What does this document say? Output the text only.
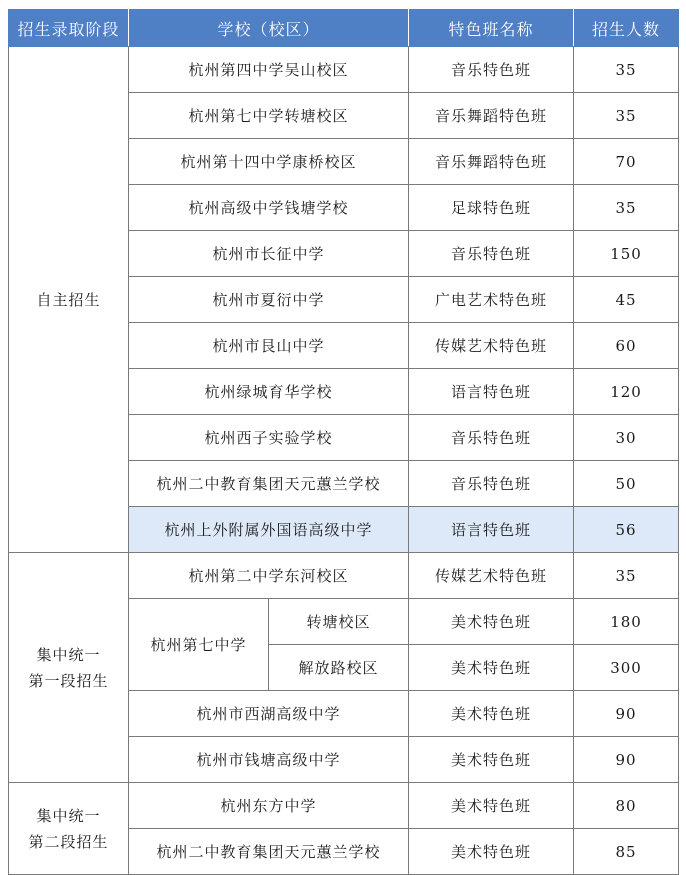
招生录取阶段	学校（校区）		特色班名称	招生人数

自主招生	杭州第四中学吴山校区		音乐特色班	35
	杭州第七中学转塘校区		音乐舞蹈特色班	35
	杭州第十四中学康桥校区		音乐舞蹈特色班	70
	杭州高级中学钱塘学校		足球特色班	35
	杭州市长征中学		音乐特色班	150
	杭州市夏衍中学		广电艺术特色班	45
	杭州市艮山中学		传媒艺术特色班	60
	杭州绿城育华学校		语言特色班	120
	杭州西子实验学校		音乐特色班	30
	杭州二中教育集团天元蕙兰学校		音乐特色班	50
	杭州上外附属外国语高级中学		语言特色班	56

集中统一
第一段招生	杭州第二中学东河校区		传媒艺术特色班	35
	杭州第七中学	转塘校区	美术特色班	180
		解放路校区	美术特色班	300
	杭州市西湖高级中学		美术特色班	90
	杭州市钱塘高级中学		美术特色班	90

集中统一
第二段招生	杭州东方中学		美术特色班	80
	杭州二中教育集团天元蕙兰学校		美术特色班	85
